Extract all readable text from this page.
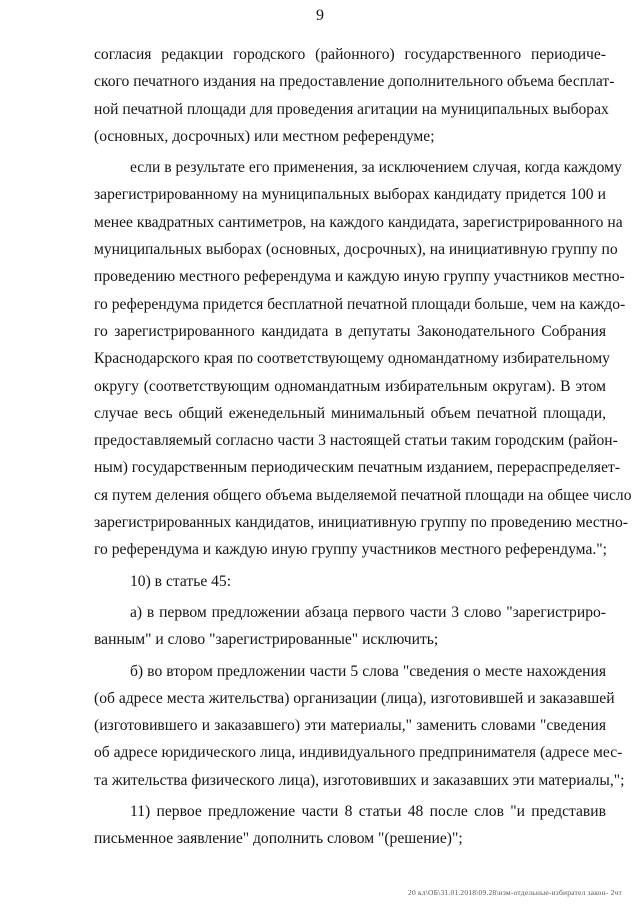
9
согласия редакции городского (районного) государственного периодиче-
ского печатного издания на предоставление дополнительного объема бесплат-
ной печатной площади для проведения агитации на муниципальных выборах
(основных, досрочных) или местном референдуме;
если в результате его применения, за исключением случая, когда каждому
зарегистрированному на муниципальных выборах кандидату придется 100 и
менее квадратных сантиметров, на каждого кандидата, зарегистрированного на
муниципальных выборах (основных, досрочных), на инициативную группу по
проведению местного референдума и каждую иную группу участников местно-
го референдума придется бесплатной печатной площади больше, чем на каждо-
го зарегистрированного кандидата в депутаты Законодательного Собрания
Краснодарского края по соответствующему одномандатному избирательному
округу (соответствующим одномандатным избирательным округам). В этом
случае весь общий еженедельный минимальный объем печатной площади,
предоставляемый согласно части 3 настоящей статьи таким городским (район-
ным) государственным периодическим печатным изданием, перераспределяет-
ся путем деления общего объема выделяемой печатной площади на общее число
зарегистрированных кандидатов, инициативную группу по проведению местно-
го референдума и каждую иную группу участников местного референдума.";
10) в статье 45:
а) в первом предложении абзаца первого части 3 слово "зарегистриро-
ванным" и слово "зарегистрированные" исключить;
б) во втором предложении части 5 слова "сведения о месте нахождения
(об адресе места жительства) организации (лица), изготовившей и заказавшей
(изготовившего и заказавшего) эти материалы," заменить словами "сведения
об адресе юридического лица, индивидуального предпринимателя (адресе мес-
та жительства физического лица), изготовивших и заказавших эти материалы,";
11) первое предложение части 8 статьи 48 после слов "и представив
письменное заявление" дополнить словом "(решение)";
20 кл\ОБ\31.01.2018\09.28\изм-отдельные-избирател закон- 2чт
